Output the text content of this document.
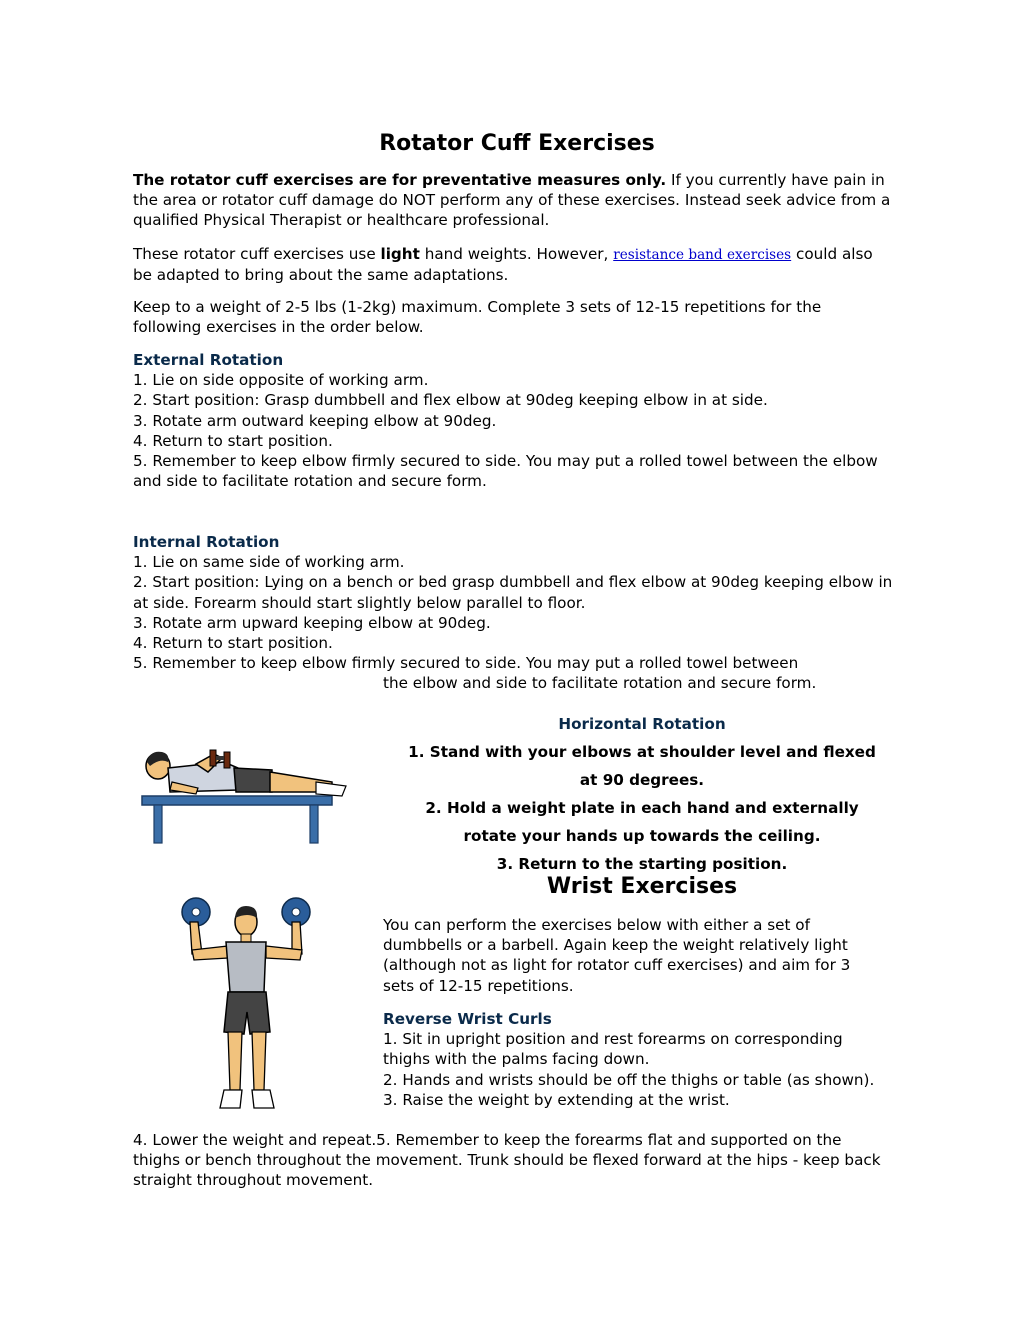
Rotator Cuff Exercises
The rotator cuff exercises are for preventative measures only. If you currently have pain in the area or rotator cuff damage do NOT perform any of these exercises. Instead seek advice from a qualified Physical Therapist or healthcare professional.
These rotator cuff exercises use light hand weights. However, resistance band exercises could also be adapted to bring about the same adaptations.
Keep to a weight of 2-5 lbs (1-2kg) maximum. Complete 3 sets of 12-15 repetitions for the following exercises in the order below.
External Rotation
1. Lie on side opposite of working arm.
2. Start position: Grasp dumbbell and flex elbow at 90deg keeping elbow in at side.
3. Rotate arm outward keeping elbow at 90deg.
4. Return to start position.
5. Remember to keep elbow firmly secured to side. You may put a rolled towel between the elbow and side to facilitate rotation and secure form.
Internal Rotation
1. Lie on same side of working arm.
2. Start position: Lying on a bench or bed grasp dumbbell and flex elbow at 90deg keeping elbow in at side. Forearm should start slightly below parallel to floor.
3. Rotate arm upward keeping elbow at 90deg.
4. Return to start position.
5. Remember to keep elbow firmly secured to side. You may put a rolled towel between
the elbow and side to facilitate rotation and secure form.
Horizontal Rotation
1. Stand with your elbows at shoulder level and flexed
at 90 degrees.
2. Hold a weight plate in each hand and externally
rotate your hands up towards the ceiling.
3. Return to the starting position.
Wrist Exercises
You can perform the exercises below with either a set of dumbbells or a barbell. Again keep the weight relatively light (although not as light for rotator cuff exercises) and aim for 3 sets of 12-15 repetitions.
Reverse Wrist Curls
1. Sit in upright position and rest forearms on corresponding thighs with the palms facing down.
2. Hands and wrists should be off the thighs or table (as shown).
3. Raise the weight by extending at the wrist.
4. Lower the weight and repeat.5. Remember to keep the forearms flat and supported on the thighs or bench throughout the movement. Trunk should be flexed forward at the hips - keep back straight throughout movement.
